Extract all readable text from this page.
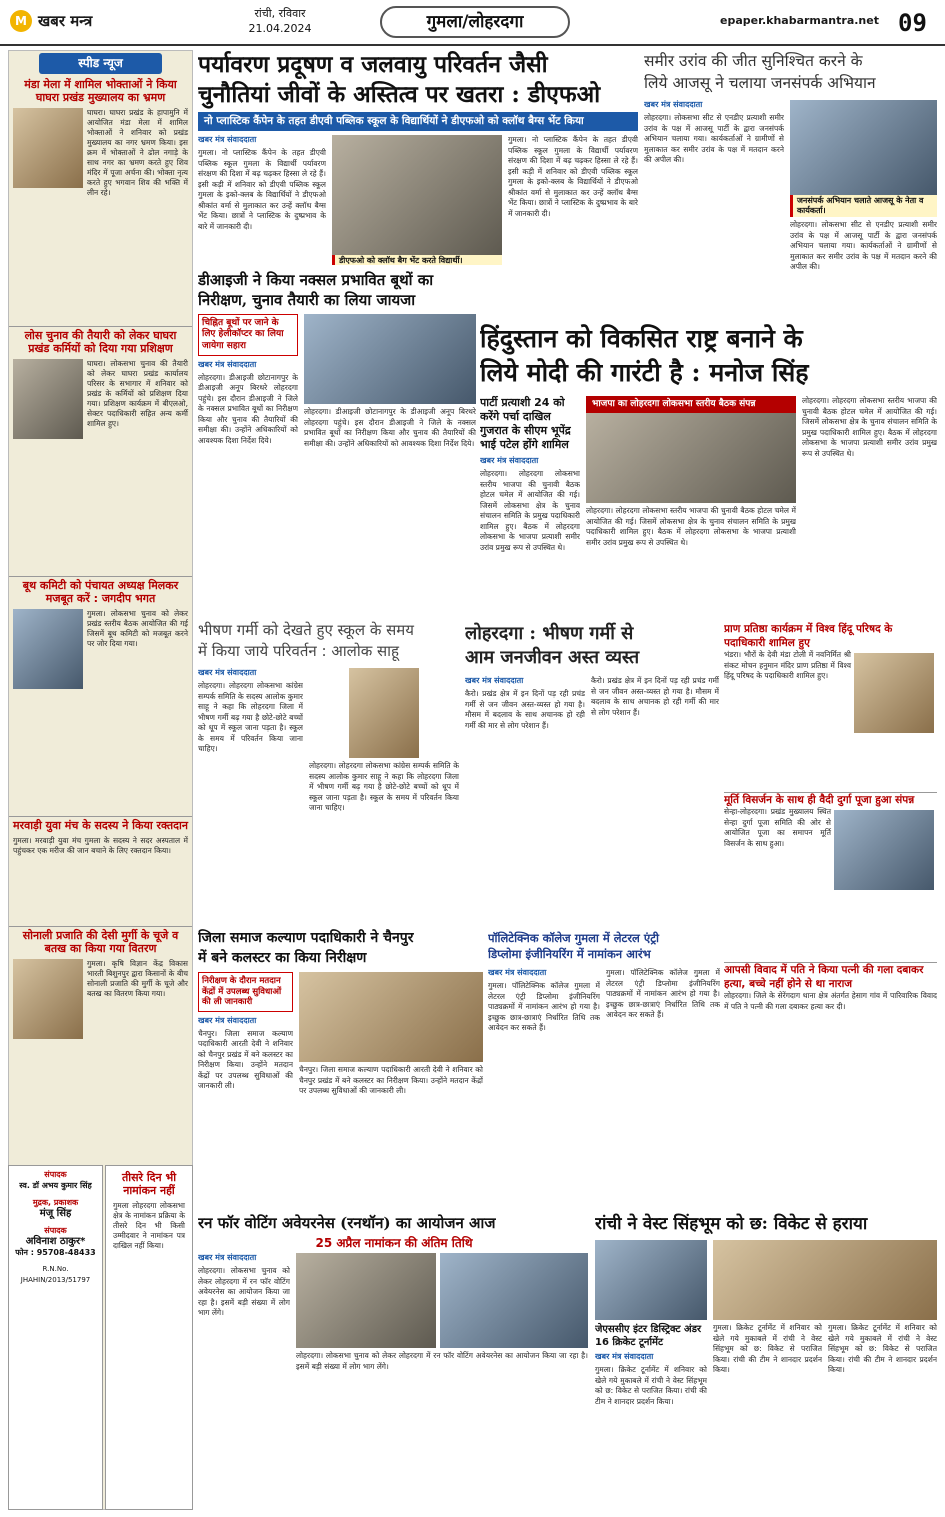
M खबर मन्त्र	रांची, रविवार
21.04.2024	गुमला/लोहरदगा	epaper.khabarmantra.net 09
स्पीड न्यूज
मंडा मेला में शामिल भोक्ताओं ने किया घाघरा प्रखंड मुख्यालय का भ्रमण
घाघरा। घाघरा प्रखंड के हापामुनि में आयोजित मंडा मेला में शामिल भोक्ताओं ने शनिवार को प्रखंड मुख्यालय का नगर भ्रमण किया। इस क्रम में भोक्ताओं ने ढोल नगाड़े के साथ नगर का भ्रमण करते हुए शिव मंदिर में पूजा अर्चना की। भोक्ता नृत्य करते हुए भगवान शिव की भक्ति में लीन रहे।
लोस चुनाव की तैयारी को लेकर घाघरा प्रखंड कर्मियों को दिया गया प्रशिक्षण
घाघरा। लोकसभा चुनाव की तैयारी को लेकर घाघरा प्रखंड कार्यालय परिसर के सभागार में शनिवार को प्रखंड के कर्मियों को प्रशिक्षण दिया गया। प्रशिक्षण कार्यक्रम में बीएलओ, सेक्टर पदाधिकारी सहित अन्य कर्मी शामिल हुए।
बूथ कमिटी को पंचायत अध्यक्ष मिलकर मजबूत करें : जगदीप भगत
गुमला। लोकसभा चुनाव को लेकर प्रखंड स्तरीय बैठक आयोजित की गई जिसमें बूथ कमिटी को मजबूत करने पर जोर दिया गया।
मरवाड़ी युवा मंच के सदस्य ने किया रक्तदान
गुमला। मरवाड़ी युवा मंच गुमला के सदस्य ने सदर अस्पताल में पहुंचकर एक मरीज की जान बचाने के लिए रक्तदान किया।
सोनाली प्रजाति की देसी मुर्गी के चूजे व बतख का किया गया वितरण
गुमला। कृषि विज्ञान केंद्र विकास भारती बिशुनपुर द्वारा किसानों के बीच सोनाली प्रजाति की मुर्गी के चूजे और बतख का वितरण किया गया।
संपादक
स्व. डॉ अभय कुमार सिंह
मुद्रक, प्रकाशक
मंजू सिंह
संपादक
अविनाश ठाकुर*
फोन : 95708-48433
R.N.No. JHAHIN/2013/51797
तीसरे दिन भी नामांकन नहीं
गुमला लोहरदगा लोकसभा क्षेत्र के नामांकन प्रक्रिया के तीसरे दिन भी किसी उम्मीदवार ने नामांकन पत्र दाखिल नहीं किया।
पर्यावरण प्रदूषण व जलवायु परिवर्तन जैसी
चुनौतियां जीवों के अस्तित्व पर खतरा : डीएफओ
नो प्लास्टिक कैंपेन के तहत डीएवी पब्लिक स्कूल के विद्यार्थियों ने डीएफओ को क्लॉथ बैग्स भेंट किया
खबर मंत्र संवाददाता
गुमला। नो प्लास्टिक कैंपेन के तहत डीएवी पब्लिक स्कूल गुमला के विद्यार्थी पर्यावरण संरक्षण की दिशा में बढ़ चढ़कर हिस्सा ले रहे हैं। इसी कड़ी में शनिवार को डीएवी पब्लिक स्कूल गुमला के इको-क्लब के विद्यार्थियों ने डीएफओ श्रीकांत वर्मा से मुलाकात कर उन्हें क्लॉथ बैग्स भेंट किया। छात्रों ने प्लास्टिक के दुष्प्रभाव के बारे में जानकारी दी।
डीएफओ को क्लॉथ बैग भेंट करते विद्यार्थी।
गुमला। नो प्लास्टिक कैंपेन के तहत डीएवी पब्लिक स्कूल गुमला के विद्यार्थी पर्यावरण संरक्षण की दिशा में बढ़ चढ़कर हिस्सा ले रहे हैं। इसी कड़ी में शनिवार को डीएवी पब्लिक स्कूल गुमला के इको-क्लब के विद्यार्थियों ने डीएफओ श्रीकांत वर्मा से मुलाकात कर उन्हें क्लॉथ बैग्स भेंट किया। छात्रों ने प्लास्टिक के दुष्प्रभाव के बारे में जानकारी दी।
समीर उरांव की जीत सुनिश्चित करने के
लिये आजसू ने चलाया जनसंपर्क अभियान
खबर मंत्र संवाददाता
लोहरदगा। लोकसभा सीट से एनडीए प्रत्याशी समीर उरांव के पक्ष में आजसू पार्टी के द्वारा जनसंपर्क अभियान चलाया गया। कार्यकर्ताओं ने ग्रामीणों से मुलाकात कर समीर उरांव के पक्ष में मतदान करने की अपील की।
जनसंपर्क अभियान चलाते आजसू के नेता व कार्यकर्ता।
लोहरदगा। लोकसभा सीट से एनडीए प्रत्याशी समीर उरांव के पक्ष में आजसू पार्टी के द्वारा जनसंपर्क अभियान चलाया गया। कार्यकर्ताओं ने ग्रामीणों से मुलाकात कर समीर उरांव के पक्ष में मतदान करने की अपील की।
डीआइजी ने किया नक्सल प्रभावित बूथों का निरीक्षण, चुनाव तैयारी का लिया जायजा
चिह्नित बूथों पर जाने के लिए हेलीकॉप्टर का लिया जायेगा सहारा
खबर मंत्र संवाददाता
लोहरदगा। डीआइजी छोटानागपुर के डीआइजी अनूप बिरथरे लोहरदगा पहुंचे। इस दौरान डीआइजी ने जिले के नक्सल प्रभावित बूथों का निरीक्षण किया और चुनाव की तैयारियों की समीक्षा की। उन्होंने अधिकारियों को आवश्यक दिशा निर्देश दिये।
लोहरदगा। डीआइजी छोटानागपुर के डीआइजी अनूप बिरथरे लोहरदगा पहुंचे। इस दौरान डीआइजी ने जिले के नक्सल प्रभावित बूथों का निरीक्षण किया और चुनाव की तैयारियों की समीक्षा की। उन्होंने अधिकारियों को आवश्यक दिशा निर्देश दिये।
हिंदुस्तान को विकसित राष्ट्र बनाने के
लिये मोदी की गारंटी है : मनोज सिंह
पार्टी प्रत्याशी 24 को करेंगे पर्चा दाखिल गुजरात के सीएम भूपेंद्र भाई पटेल होंगे शामिल
खबर मंत्र संवाददाता
लोहरदगा। लोहरदगा लोकसभा स्तरीय भाजपा की चुनावी बैठक होटल चमेल में आयोजित की गई। जिसमें लोकसभा क्षेत्र के चुनाव संचालन समिति के प्रमुख पदाधिकारी शामिल हुए। बैठक में लोहरदगा लोकसभा के भाजपा प्रत्याशी समीर उरांव प्रमुख रूप से उपस्थित थे।
भाजपा का लोहरदगा लोकसभा स्तरीय बैठक संपन्न
लोहरदगा। लोहरदगा लोकसभा स्तरीय भाजपा की चुनावी बैठक होटल चमेल में आयोजित की गई। जिसमें लोकसभा क्षेत्र के चुनाव संचालन समिति के प्रमुख पदाधिकारी शामिल हुए। बैठक में लोहरदगा लोकसभा के भाजपा प्रत्याशी समीर उरांव प्रमुख रूप से उपस्थित थे।
लोहरदगा। लोहरदगा लोकसभा स्तरीय भाजपा की चुनावी बैठक होटल चमेल में आयोजित की गई। जिसमें लोकसभा क्षेत्र के चुनाव संचालन समिति के प्रमुख पदाधिकारी शामिल हुए। बैठक में लोहरदगा लोकसभा के भाजपा प्रत्याशी समीर उरांव प्रमुख रूप से उपस्थित थे।
भीषण गर्मी को देखते हुए स्कूल के समय
में किया जाये परिवर्तन : आलोक साहू
खबर मंत्र संवाददाता
लोहरदगा। लोहरदगा लोकसभा कांग्रेस सम्पर्क समिति के सदस्य आलोक कुमार साहू ने कहा कि लोहरदगा जिला में भीषण गर्मी बढ़ गया है छोटे-छोटे बच्चों को धूप में स्कूल जाना पड़ता है। स्कूल के समय में परिवर्तन किया जाना चाहिए।
लोहरदगा। लोहरदगा लोकसभा कांग्रेस सम्पर्क समिति के सदस्य आलोक कुमार साहू ने कहा कि लोहरदगा जिला में भीषण गर्मी बढ़ गया है छोटे-छोटे बच्चों को धूप में स्कूल जाना पड़ता है। स्कूल के समय में परिवर्तन किया जाना चाहिए।
लोहरदगा : भीषण गर्मी से
आम जनजीवन अस्त व्यस्त
खबर मंत्र संवाददाता
कैरो। प्रखंड क्षेत्र में इन दिनों पड़ रही प्रचंड गर्मी से जन जीवन अस्त-व्यस्त हो गया है। मौसम में बदलाव के साथ अचानक हो रही गर्मी की मार से लोग परेशान हैं।
कैरो। प्रखंड क्षेत्र में इन दिनों पड़ रही प्रचंड गर्मी से जन जीवन अस्त-व्यस्त हो गया है। मौसम में बदलाव के साथ अचानक हो रही गर्मी की मार से लोग परेशान हैं।
प्राण प्रतिष्ठा कार्यक्रम में विश्व हिंदू परिषद के पदाधिकारी शामिल हुए
भंडरा। भौरों के देवी मंडा टोली में नवनिर्मित श्री संकट मोचन हनुमान मंदिर प्राण प्रतिष्ठा में विश्व हिंदू परिषद के पदाधिकारी शामिल हुए।
मूर्ति विसर्जन के साथ ही वैदी दुर्गा पूजा हुआ संपन्न
सेन्हा-लोहरदगा। प्रखंड मुख्यालय स्थित सेन्हा दुर्गा पूजा समिति की ओर से आयोजित पूजा का समापन मूर्ति विसर्जन के साथ हुआ।
आपसी विवाद में पति ने किया पत्नी की गला दबाकर हत्या, बच्चे नहीं होने से था नाराज
लोहरदगा। जिले के सेरेंगदाग थाना क्षेत्र अंतर्गत हेसाग गांव में पारिवारिक विवाद में पति ने पत्नी की गला दबाकर हत्या कर दी।
जिला समाज कल्याण पदाधिकारी ने चैनपुर
में बने कलस्टर का किया निरीक्षण
निरीक्षण के दौरान मतदान केंद्रों में उपलब्ध सुविधाओं की ली जानकारी
खबर मंत्र संवाददाता
चैनपुर। जिला समाज कल्याण पदाधिकारी आरती देवी ने शनिवार को चैनपुर प्रखंड में बने कलस्टर का निरीक्षण किया। उन्होंने मतदान केंद्रों पर उपलब्ध सुविधाओं की जानकारी ली।
चैनपुर। जिला समाज कल्याण पदाधिकारी आरती देवी ने शनिवार को चैनपुर प्रखंड में बने कलस्टर का निरीक्षण किया। उन्होंने मतदान केंद्रों पर उपलब्ध सुविधाओं की जानकारी ली।
पॉलिटेक्निक कॉलेज गुमला में लेटरल एंट्री
डिप्लोमा इंजीनियरिंग में नामांकन आरंभ
खबर मंत्र संवाददाता
गुमला। पॉलिटेक्निक कॉलेज गुमला में लेटरल एंट्री डिप्लोमा इंजीनियरिंग पाठ्यक्रमों में नामांकन आरंभ हो गया है। इच्छुक छात्र-छात्राएं निर्धारित तिथि तक आवेदन कर सकते हैं।
गुमला। पॉलिटेक्निक कॉलेज गुमला में लेटरल एंट्री डिप्लोमा इंजीनियरिंग पाठ्यक्रमों में नामांकन आरंभ हो गया है। इच्छुक छात्र-छात्राएं निर्धारित तिथि तक आवेदन कर सकते हैं।
रन फॉर वोटिंग अवेयरनेस (रनथॉन) का आयोजन आज
25 अप्रैल नामांकन की अंतिम तिथि
खबर मंत्र संवाददाता
लोहरदगा। लोकसभा चुनाव को लेकर लोहरदगा में रन फॉर वोटिंग अवेयरनेस का आयोजन किया जा रहा है। इसमें बड़ी संख्या में लोग भाग लेंगे।
लोहरदगा। लोकसभा चुनाव को लेकर लोहरदगा में रन फॉर वोटिंग अवेयरनेस का आयोजन किया जा रहा है। इसमें बड़ी संख्या में लोग भाग लेंगे।
रांची ने वेस्ट सिंहभूम को छ: विकेट से हराया
जेएससीए इंटर डिस्ट्रिक्ट अंडर 16 क्रिकेट टूर्नामेंट
खबर मंत्र संवाददाता
गुमला। क्रिकेट टूर्नामेंट में शनिवार को खेले गये मुकाबले में रांची ने वेस्ट सिंहभूम को छ: विकेट से पराजित किया। रांची की टीम ने शानदार प्रदर्शन किया।
गुमला। क्रिकेट टूर्नामेंट में शनिवार को खेले गये मुकाबले में रांची ने वेस्ट सिंहभूम को छ: विकेट से पराजित किया। रांची की टीम ने शानदार प्रदर्शन किया।
गुमला। क्रिकेट टूर्नामेंट में शनिवार को खेले गये मुकाबले में रांची ने वेस्ट सिंहभूम को छ: विकेट से पराजित किया। रांची की टीम ने शानदार प्रदर्शन किया।
